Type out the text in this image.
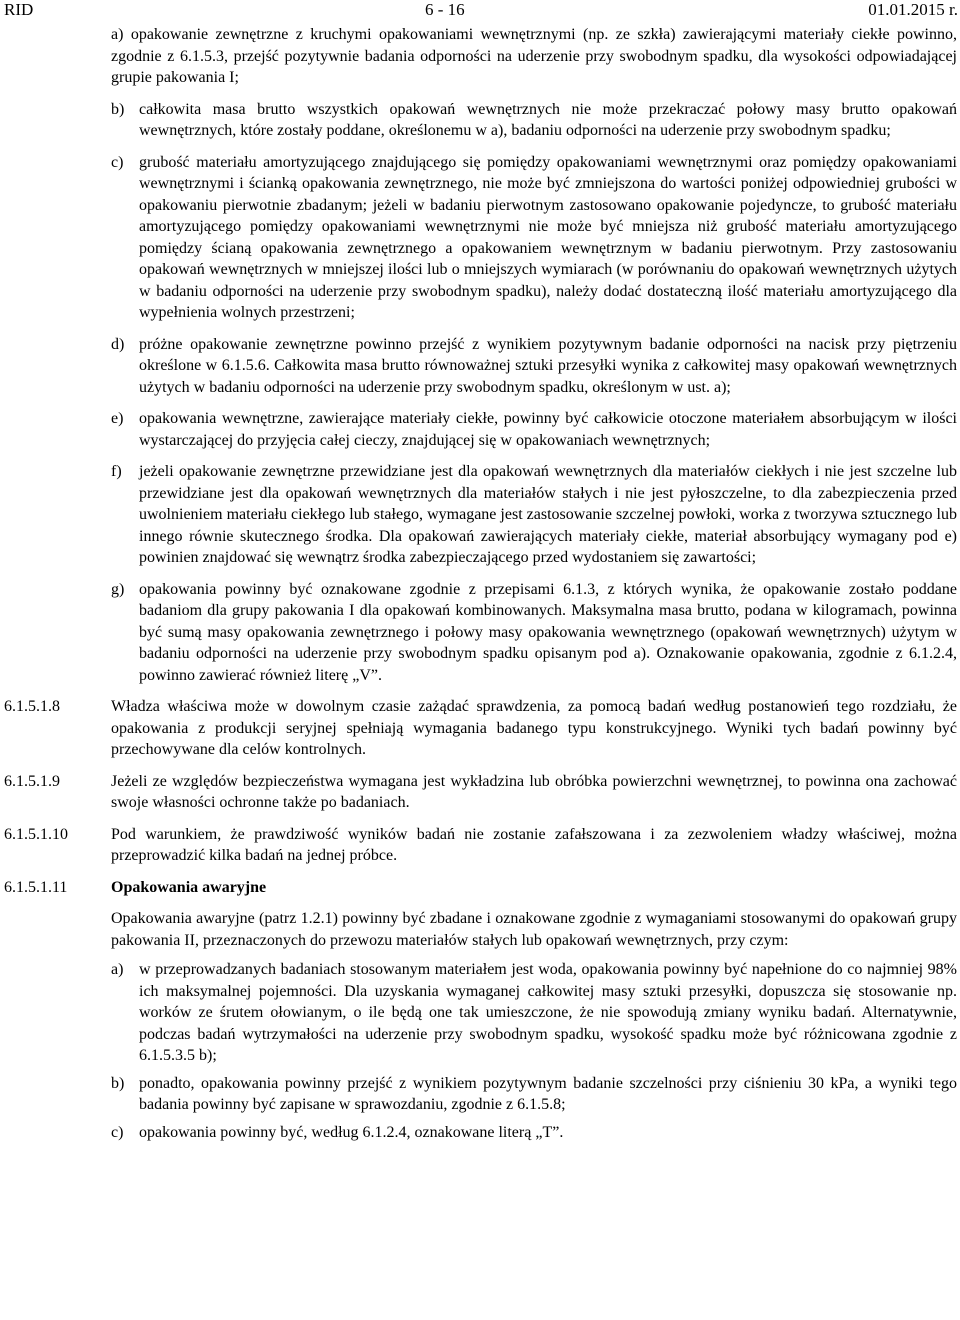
RID	6 - 16	01.01.2015 r.
a) opakowanie zewnętrzne z kruchymi opakowaniami wewnętrznymi (np. ze szkła) zawierającymi materiały ciekłe powinno, zgodnie z 6.1.5.3, przejść pozytywnie badania odporności na uderzenie przy swobodnym spadku, dla wysokości odpowiadającej grupie pakowania I;
b) całkowita masa brutto wszystkich opakowań wewnętrznych nie może przekraczać połowy masy brutto opakowań wewnętrznych, które zostały poddane, określonemu w a), badaniu odporności na uderzenie przy swobodnym spadku;
c) grubość materiału amortyzującego znajdującego się pomiędzy opakowaniami wewnętrznymi oraz pomiędzy opakowaniami wewnętrznymi i ścianką opakowania zewnętrznego, nie może być zmniejszona do wartości poniżej odpowiedniej grubości w opakowaniu pierwotnie zbadanym; jeżeli w badaniu pierwotnym zastosowano opakowanie pojedyncze, to grubość materiału amortyzującego pomiędzy opakowaniami wewnętrznymi nie może być mniejsza niż grubość materiału amortyzującego pomiędzy ścianą opakowania zewnętrznego a opakowaniem wewnętrznym w badaniu pierwotnym. Przy zastosowaniu opakowań wewnętrznych w mniejszej ilości lub o mniejszych wymiarach (w porównaniu do opakowań wewnętrznych użytych w badaniu odporności na uderzenie przy swobodnym spadku), należy dodać dostateczną ilość materiału amortyzującego dla wypełnienia wolnych przestrzeni;
d) próżne opakowanie zewnętrzne powinno przejść z wynikiem pozytywnym badanie odporności na nacisk przy piętrzeniu określone w 6.1.5.6. Całkowita masa brutto równoważnej sztuki przesyłki wynika z całkowitej masy opakowań wewnętrznych użytych w badaniu odporności na uderzenie przy swobodnym spadku, określonym w ust. a);
e) opakowania wewnętrzne, zawierające materiały ciekłe, powinny być całkowicie otoczone materiałem absorbującym w ilości wystarczającej do przyjęcia całej cieczy, znajdującej się w opakowaniach wewnętrznych;
f)	jeżeli opakowanie zewnętrzne przewidziane jest dla opakowań wewnętrznych dla materiałów ciekłych i nie jest szczelne lub przewidziane jest dla opakowań wewnętrznych dla materiałów stałych i nie jest pyłoszczelne, to dla zabezpieczenia przed uwolnieniem materiału ciekłego lub stałego, wymagane jest zastosowanie szczelnej powłoki, worka z tworzywa sztucznego lub innego równie skutecznego środka. Dla opakowań zawierających materiały ciekłe, materiał absorbujący wymagany pod e) powinien znajdować się wewnątrz środka zabezpieczającego przed wydostaniem się zawartości;
g) opakowania powinny być oznakowane zgodnie z przepisami 6.1.3, z których wynika, że opakowanie zostało poddane badaniom dla grupy pakowania I dla opakowań kombinowanych. Maksymalna masa brutto, podana w kilogramach, powinna być sumą masy opakowania zewnętrznego i połowy masy opakowania wewnętrznego (opakowań wewnętrznych) użytym w badaniu odporności na uderzenie przy swobodnym spadku opisanym pod a). Oznakowanie opakowania, zgodnie z 6.1.2.4, powinno zawierać również literę „V”.
6.1.5.1.8	Władza właściwa może w dowolnym czasie zażądać sprawdzenia, za pomocą badań według postanowień tego rozdziału, że opakowania z produkcji seryjnej spełniają wymagania badanego typu konstrukcyjnego. Wyniki tych badań powinny być przechowywane dla celów kontrolnych.
6.1.5.1.9	Jeżeli ze względów bezpieczeństwa wymagana jest wykładzina lub obróbka powierzchni wewnętrznej, to powinna ona zachować swoje własności ochronne także po badaniach.
6.1.5.1.10	Pod warunkiem, że prawdziwość wyników badań nie zostanie zafałszowana i za zezwoleniem władzy właściwej, można przeprowadzić kilka badań na jednej próbce.
6.1.5.1.11	Opakowania awaryjne
Opakowania awaryjne (patrz 1.2.1) powinny być zbadane i oznakowane zgodnie z wymaganiami stosowanymi do opakowań grupy pakowania II, przeznaczonych do przewozu materiałów stałych lub opakowań wewnętrznych, przy czym:
a) w przeprowadzanych badaniach stosowanym materiałem jest woda, opakowania powinny być napełnione do co najmniej 98% ich maksymalnej pojemności. Dla uzyskania wymaganej całkowitej masy sztuki przesyłki, dopuszcza się stosowanie np. worków ze śrutem ołowianym, o ile będą one tak umieszczone, że nie spowodują zmiany wyniku badań. Alternatywnie, podczas badań wytrzymałości na uderzenie przy swobodnym spadku, wysokość spadku może być różnicowana zgodnie z 6.1.5.3.5 b);
b) ponadto, opakowania powinny przejść z wynikiem pozytywnym badanie szczelności przy ciśnieniu 30 kPa, a wyniki tego badania powinny być zapisane w sprawozdaniu, zgodnie z 6.1.5.8;
c) opakowania powinny być, według 6.1.2.4, oznakowane literą „T”.
